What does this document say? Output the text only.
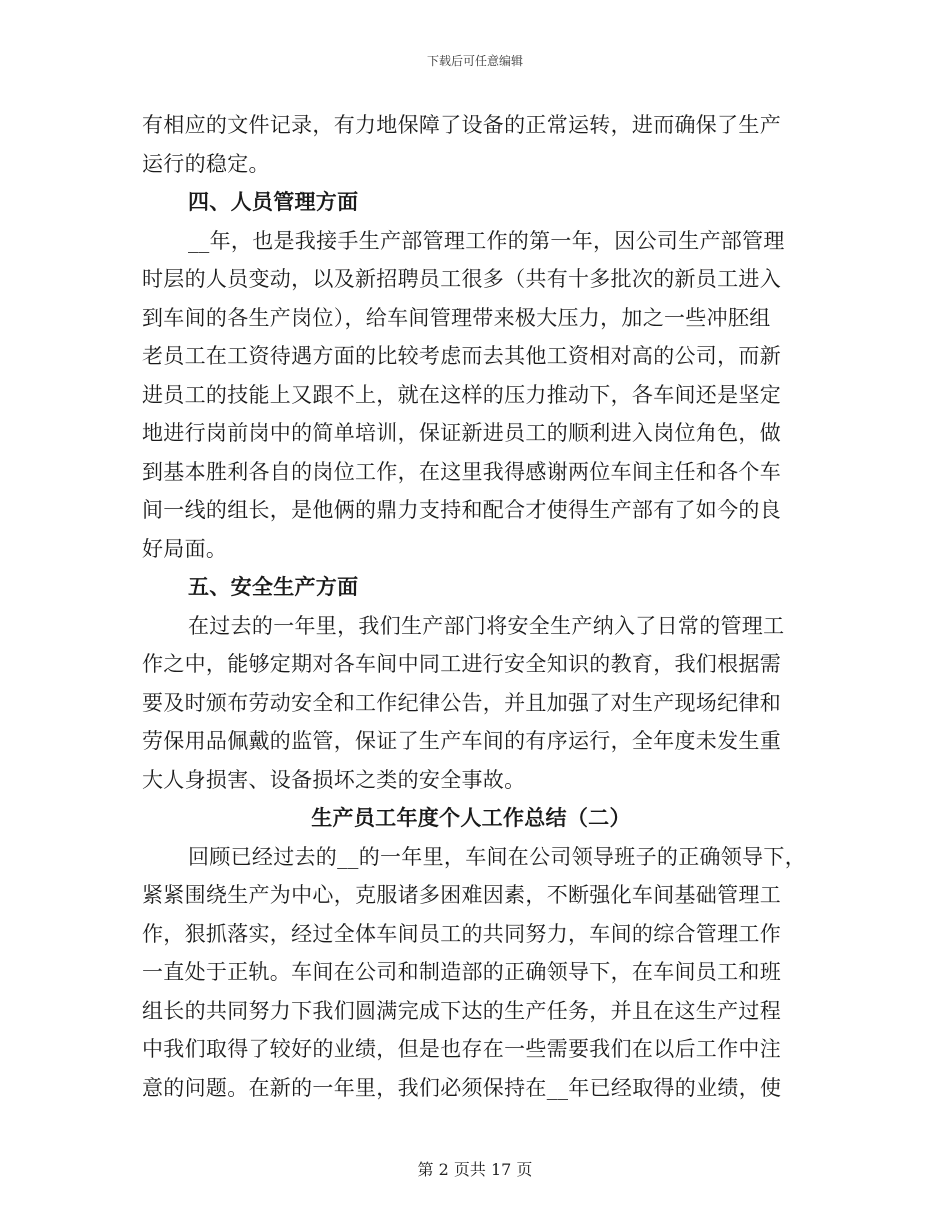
下载后可任意编辑
有相应的文件记录，有力地保障了设备的正常运转，进而确保了生产
运行的稳定。
四、人员管理方面
__年，也是我接手生产部管理工作的第一年，因公司生产部管理
时层的人员变动，以及新招聘员工很多（共有十多批次的新员工进入
到车间的各生产岗位），给车间管理带来极大压力，加之一些冲胚组
老员工在工资待遇方面的比较考虑而去其他工资相对高的公司，而新
进员工的技能上又跟不上，就在这样的压力推动下，各车间还是坚定
地进行岗前岗中的简单培训，保证新进员工的顺利进入岗位角色，做
到基本胜利各自的岗位工作，在这里我得感谢两位车间主任和各个车
间一线的组长，是他俩的鼎力支持和配合才使得生产部有了如今的良
好局面。
五、安全生产方面
在过去的一年里，我们生产部门将安全生产纳入了日常的管理工
作之中，能够定期对各车间中同工进行安全知识的教育，我们根据需
要及时颁布劳动安全和工作纪律公告，并且加强了对生产现场纪律和
劳保用品佩戴的监管，保证了生产车间的有序运行，全年度未发生重
大人身损害、设备损坏之类的安全事故。
生产员工年度个人工作总结（二）
回顾已经过去的__的一年里，车间在公司领导班子的正确领导下，
紧紧围绕生产为中心，克服诸多困难因素，不断强化车间基础管理工
作，狠抓落实，经过全体车间员工的共同努力，车间的综合管理工作
一直处于正轨。车间在公司和制造部的正确领导下，在车间员工和班
组长的共同努力下我们圆满完成下达的生产任务，并且在这生产过程
中我们取得了较好的业绩，但是也存在一些需要我们在以后工作中注
意的问题。在新的一年里，我们必须保持在__年已经取得的业绩，使
第 2 页共 17 页
